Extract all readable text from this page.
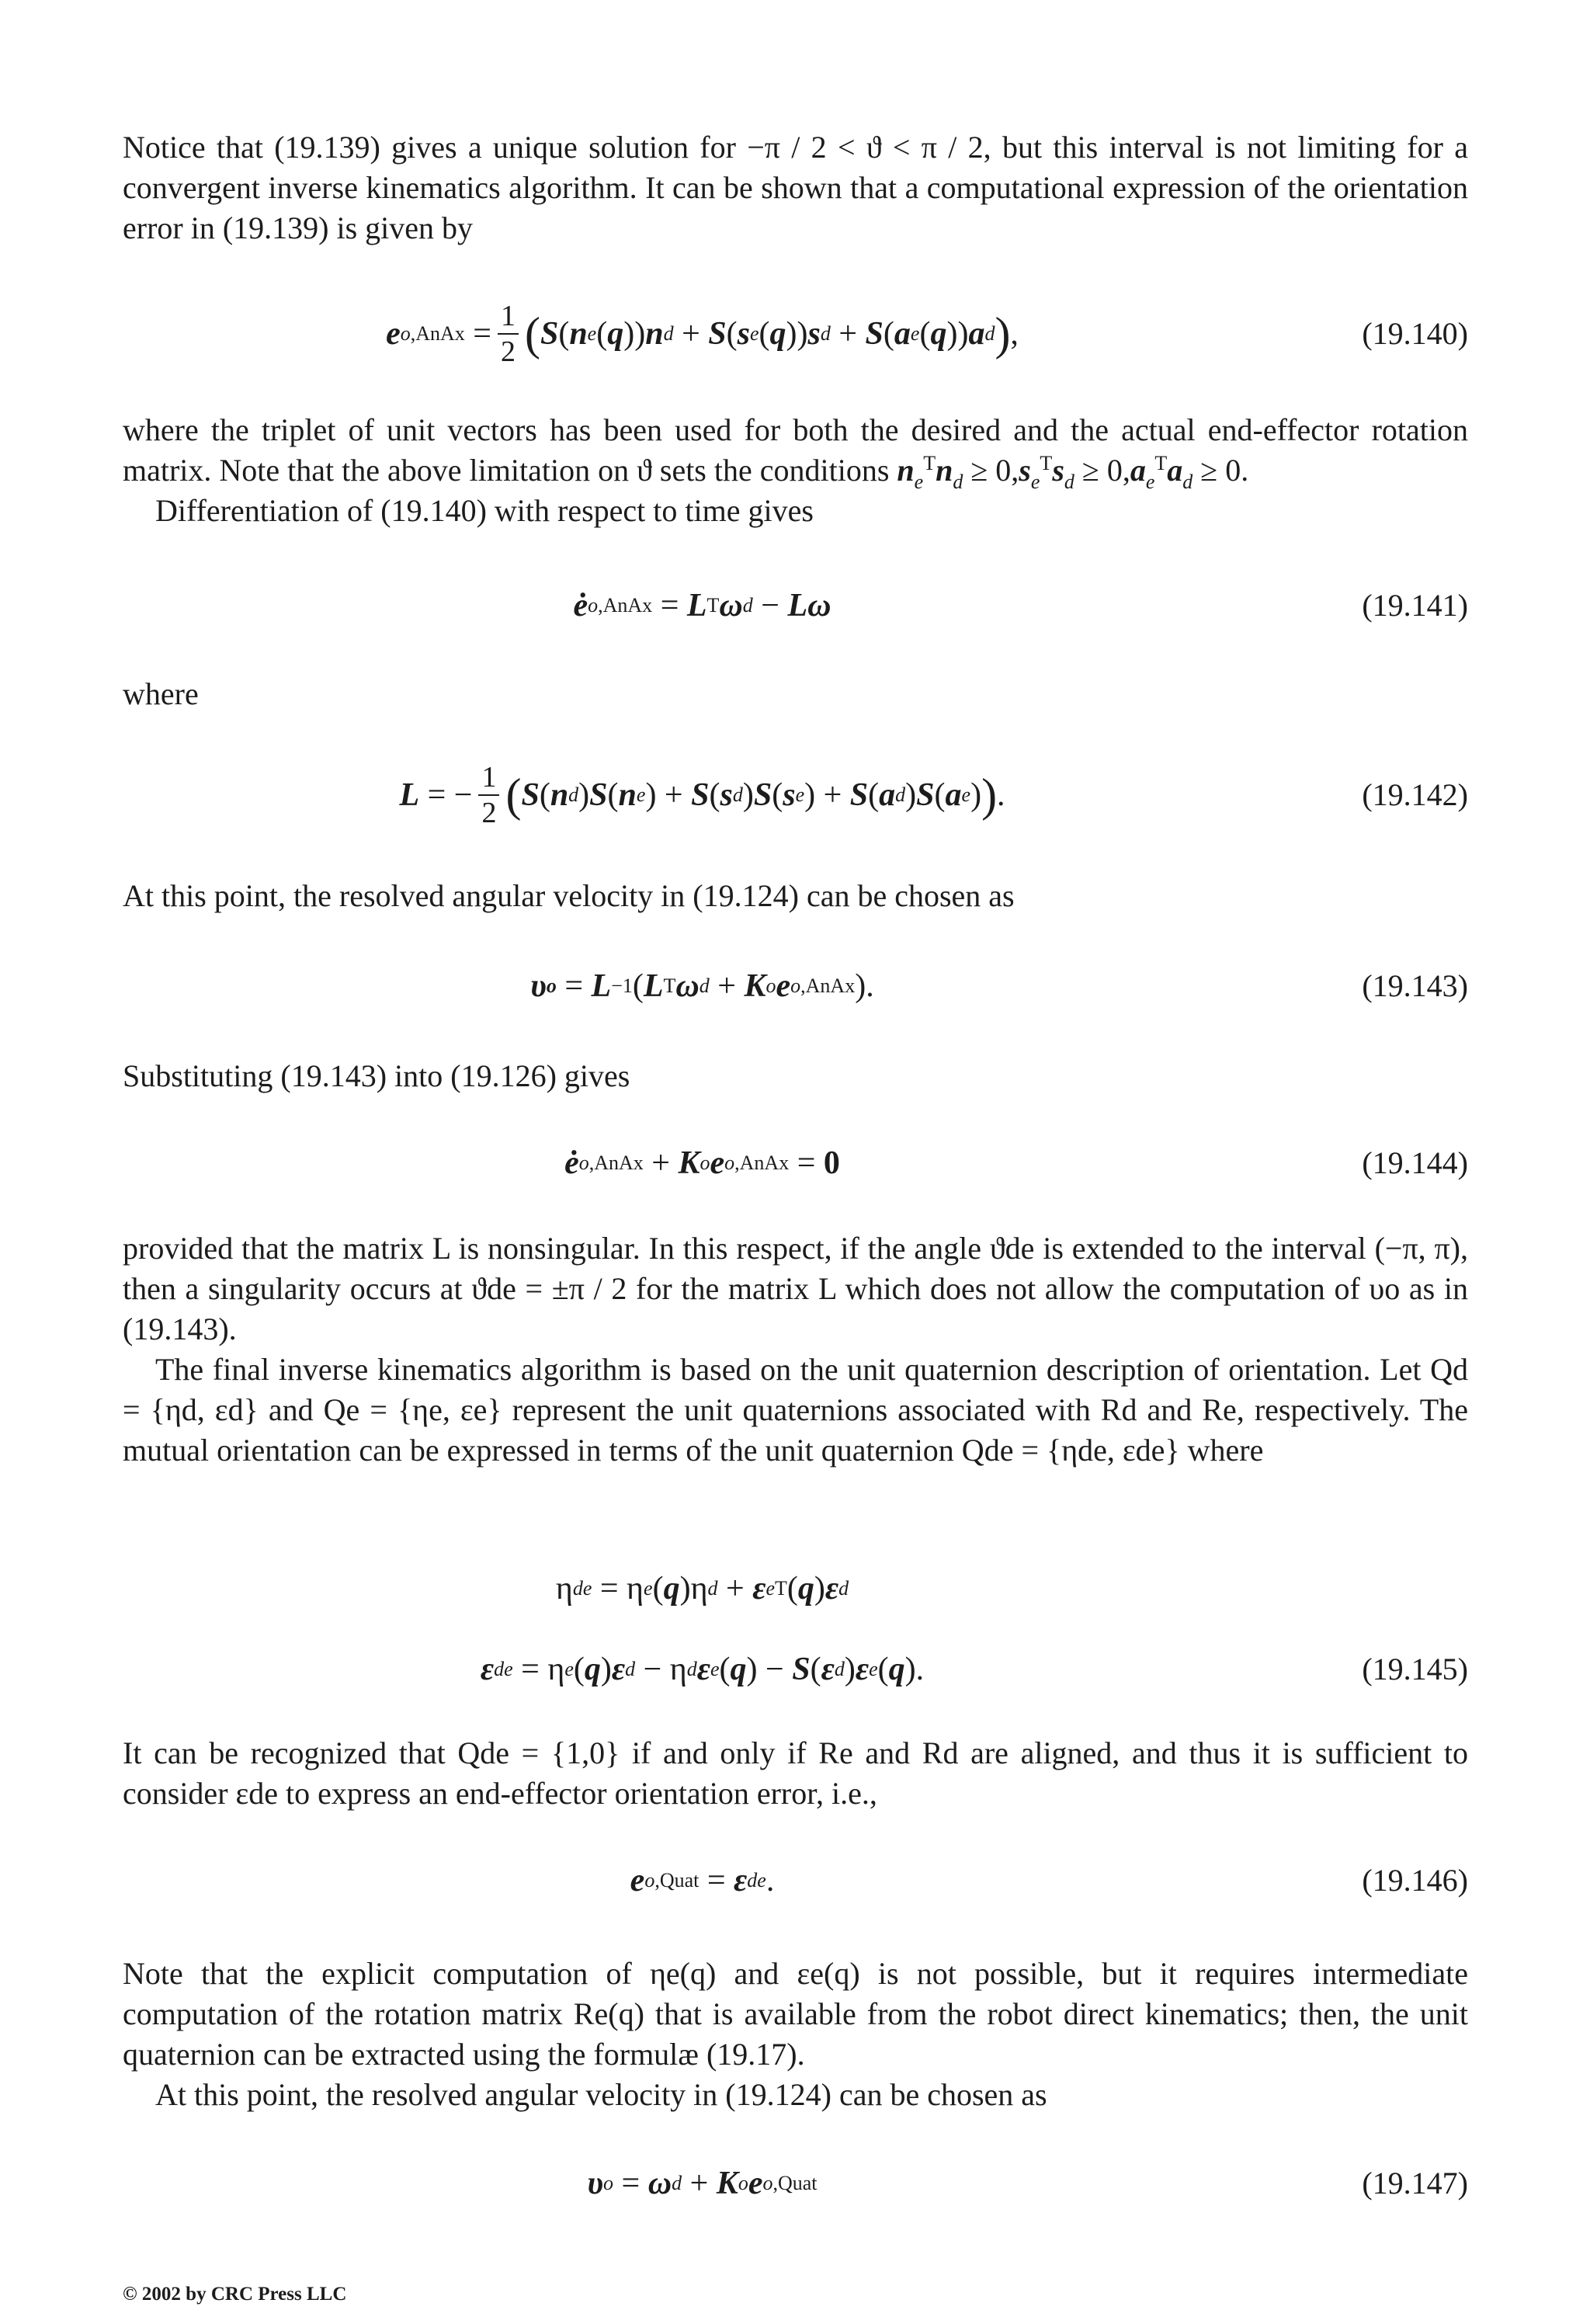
Notice that (19.139) gives a unique solution for −π / 2 < ϑ < π / 2, but this interval is not limiting for a convergent inverse kinematics algorithm. It can be shown that a computational expression of the orientation error in (19.139) is given by

e o ,AnAx = $\frac{1}{2}$ ( S ( n e ( q )) n d + S ( s e ( q )) s d + S ( a e ( q )) a d ) ,	(19.140)

where the triplet of unit vectors has been used for both the desired and the actual end-effector rotation matrix. Note that the above limitation on ϑ sets the conditions $n_e^Tn_d \ge 0,s_e^Ts_d \ge 0,a_e^Ta_d \ge 0$.

Differentiation of (19.140) with respect to time gives

ė o ,AnAx = L T ω d − Lω	(19.141)

where

L = − $\frac{1}{2}$ ( S ( n d ) S ( n e ) + S ( s d ) S ( s e ) + S ( a d ) S ( a e ) ) .	(19.142)

At this point, the resolved angular velocity in (19.124) can be chosen as

υ o = L −1 ( L T ω d + K o e o ,AnAx ).	(19.143)

Substituting (19.143) into (19.126) gives

ė o ,AnAx + K o e o ,AnAx = 0	(19.144)

provided that the matrix L is nonsingular. In this respect, if the angle ϑde is extended to the interval (−π, π), then a singularity occurs at ϑde = ±π / 2 for the matrix L which does not allow the computation of υo as in (19.143).

The final inverse kinematics algorithm is based on the unit quaternion description of orientation. Let Qd = {ηd, εd} and Qe = {ηe, εe} represent the unit quaternions associated with Rd and Re, respectively. The mutual orientation can be expressed in terms of the unit quaternion Qde = {ηde, εde} where

η de = η e ( q )η d + ε e T ( q ) ε d
ε de = η e ( q ) ε d − η d ε e ( q ) − S ( ε d ) ε e ( q ).	(19.145)

It can be recognized that Qde = {1,0} if and only if Re and Rd are aligned, and thus it is sufficient to consider εde to express an end-effector orientation error, i.e.,

e o ,Quat = ε de .	(19.146)

Note that the explicit computation of ηe(q) and εe(q) is not possible, but it requires intermediate computation of the rotation matrix Re(q) that is available from the robot direct kinematics; then, the unit quaternion can be extracted using the formulæ (19.17).

At this point, the resolved angular velocity in (19.124) can be chosen as

υ o = ω d + K o e o ,Quat	(19.147)
© 2002 by CRC Press LLC
